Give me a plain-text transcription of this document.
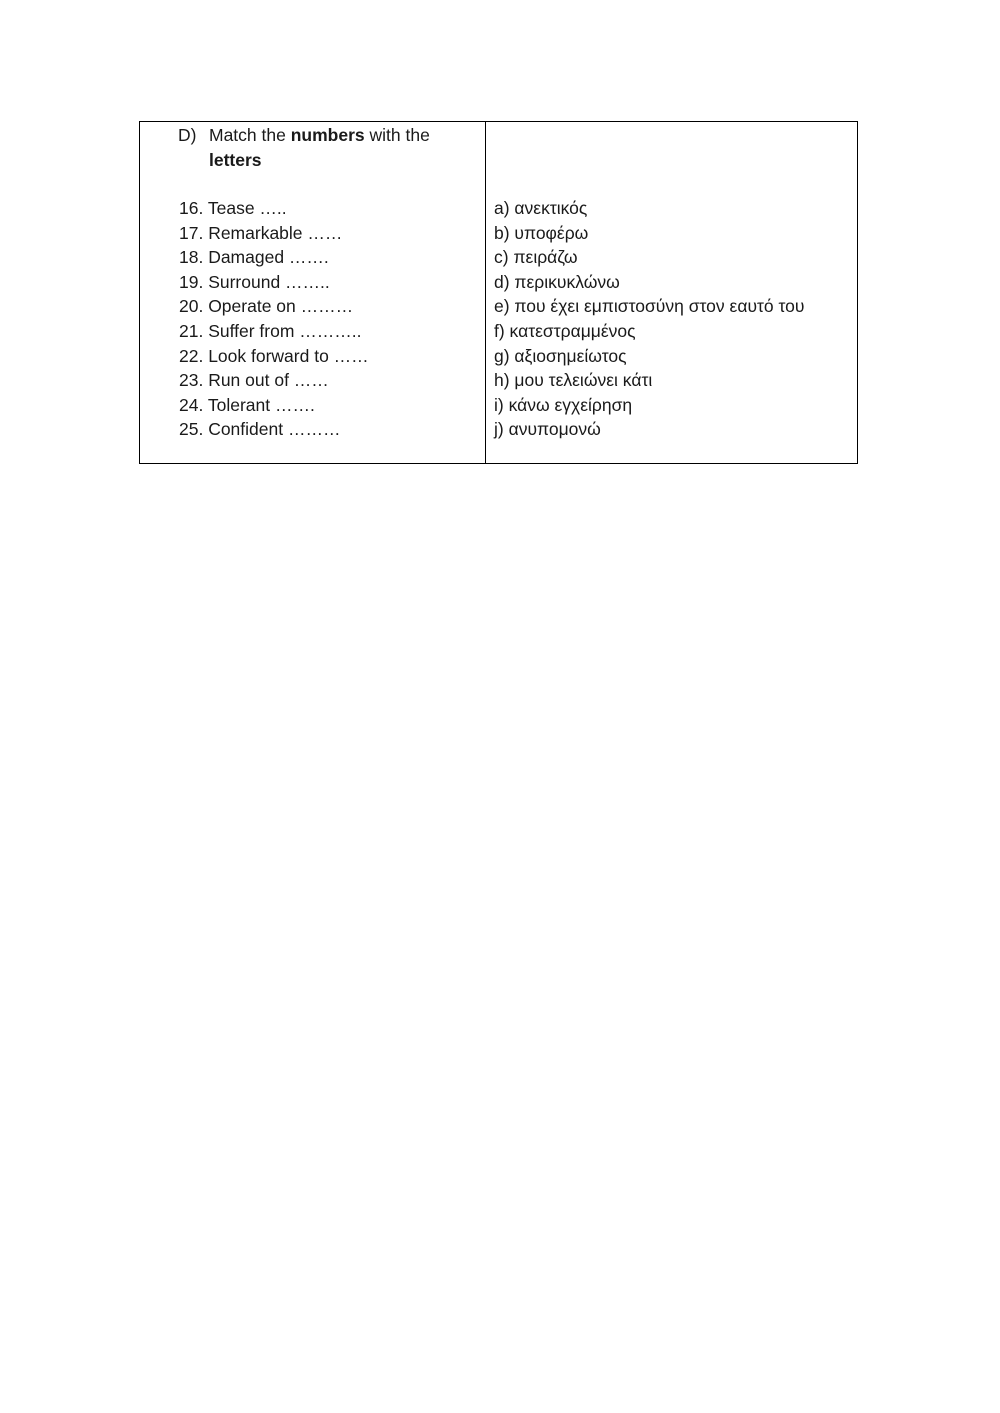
D) Match the numbers with the
letters
16. Tease …..
17. Remarkable ……
18. Damaged …….
19. Surround ……..
20. Operate on ………
21. Suffer from ………..
22. Look forward to ……
23. Run out of ……
24. Tolerant …….
25. Confident ………
a) ανεκτικός
b) υποφέρω
c) πειράζω
d) περικυκλώνω
e) που έχει εμπιστοσύνη στον εαυτό του
f) κατεστραμμένος
g) αξιοσημείωτος
h) μου τελειώνει κάτι
i) κάνω εγχείρηση
j) ανυπομονώ
